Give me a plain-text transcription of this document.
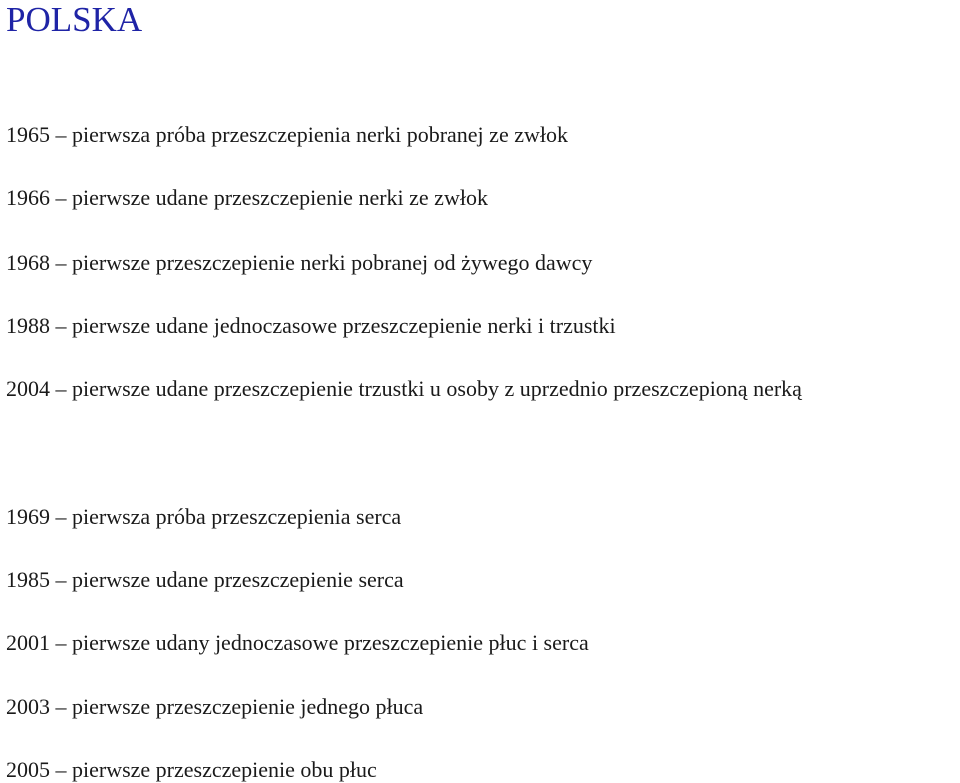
POLSKA

1965 – pierwsza próba przeszczepienia nerki pobranej ze zwłok

1966 – pierwsze udane przeszczepienie nerki ze zwłok

1968 – pierwsze przeszczepienie nerki pobranej od żywego dawcy

1988 – pierwsze udane jednoczasowe przeszczepienie nerki i trzustki

2004 – pierwsze udane przeszczepienie trzustki u osoby z uprzednio przeszczepioną nerką

1969 – pierwsza próba przeszczepienia serca

1985 – pierwsze udane przeszczepienie serca

2001 – pierwsze udany jednoczasowe przeszczepienie płuc i serca

2003 – pierwsze przeszczepienie jednego płuca

2005 – pierwsze przeszczepienie obu płuc
